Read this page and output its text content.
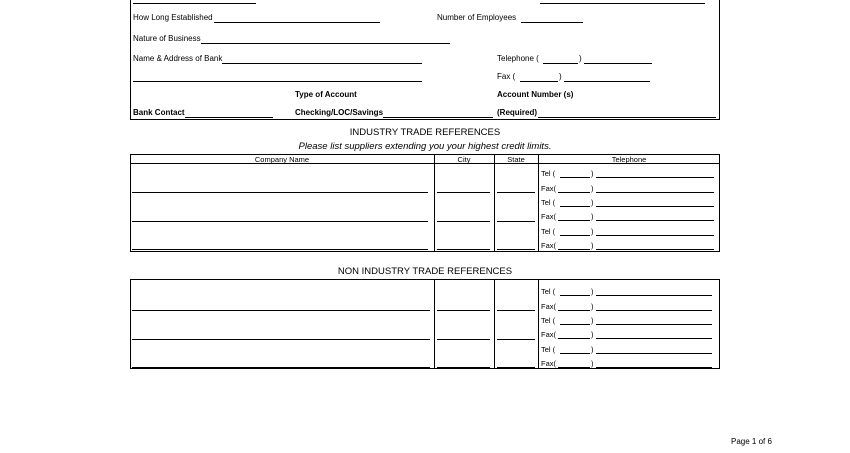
How Long Established	Number of Employees
Nature of Business
Name & Address of Bank	Telephone (	)
Fax (	)
Type of Account	Account Number (s)
Bank Contact	Checking/LOC/Savings	(Required)
INDUSTRY TRADE REFERENCES
Please list suppliers extending you your highest credit limits.
Company Name	City	State	Telephone
Tel (	)
Fax(	)
Tel (	)
Fax(	)
Tel (	)
Fax(	)
NON INDUSTRY TRADE REFERENCES
Tel (	)
Fax(	)
Tel (	)
Fax(	)
Tel (	)
Fax(	)
Page 1 of 6
